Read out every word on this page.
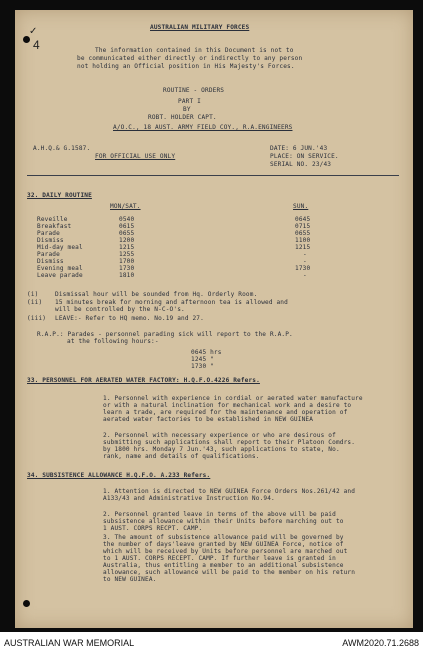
4
✓	AUSTRALIAN MILITARY FORCES
The information contained in this Document is not to
be communicated either directly or indirectly to any person
not holding an Official position in His Majesty's Forces.
ROUTINE - ORDERS
PART I
BY
ROBT. HOLDER CAPT.
A/O.C., 18 AUST. ARMY FIELD COY., R.A.ENGINEERS
A.H.Q.& G.1587.
FOR OFFICIAL USE ONLY
DATE: 6 JUN.'43
PLACE: ON SERVICE.
SERIAL NO. 23/43
32. DAILY ROUTINE
MON/SAT.	SUN.
Reveille	0540	0645
Breakfast	0615	0715
Parade	0655	0655
Dismiss	1200	1100
Mid-day meal	1215	1215
Parade	1255	-
Dismiss	1700	-
Evening meal	1730	1730
Leave parade	1810	-
(i)	Dismissal hour will be sounded from Hq. Orderly Room.
(ii) 15 minutes break for morning and afternoon tea is allowed and
will be controlled by the N-C-O's.
(iii) LEAVE:- Refer to HQ memo. No.19 and 27.
R.A.P.: Parades - personnel parading sick will report to the R.A.P.
at the following hours:-
0645 hrs
1245 "
1730 "
33. PERSONNEL FOR AERATED WATER FACTORY: H.Q.F.O.4226 Refers.
1. Personnel with experience in cordial or aerated water manufacture
or with a natural inclination for mechanical work and a desire to
learn a trade, are required for the maintenance and operation of
aerated water factories to be established in NEW GUINEA
2. Personnel with necessary experience or who are desirous of
submitting such applications shall report to their Platoon Comdrs.
by 1800 hrs. Monday 7 Jun.'43, such applications to state, No.
rank, name and details of qualifications.
34. SUBSISTENCE ALLOWANCE H.Q.F.O. A.233 Refers.
1. Attention is directed to NEW GUINEA Force Orders Nos.261/42 and
A133/43 and Administrative Instruction No.94.
2. Personnel granted leave in terms of the above will be paid
subsistence allowance within their Units before marching out to
1 AUST. CORPS RECPT. CAMP.
3. The amount of subsistence allowance paid will be governed by
the number of days'leave granted by NEW GUINEA Force, notice of
which will be received by Units before personnel are marched out
to 1 AUST. CORPS RECEPT. CAMP. If further leave is granted in
Australia, thus entitling a member to an additional subsistence
allowance, such allowance will be paid to the member on his return
to NEW GUINEA.
AUSTRALIAN WAR MEMORIAL	AWM2020.71.2688
